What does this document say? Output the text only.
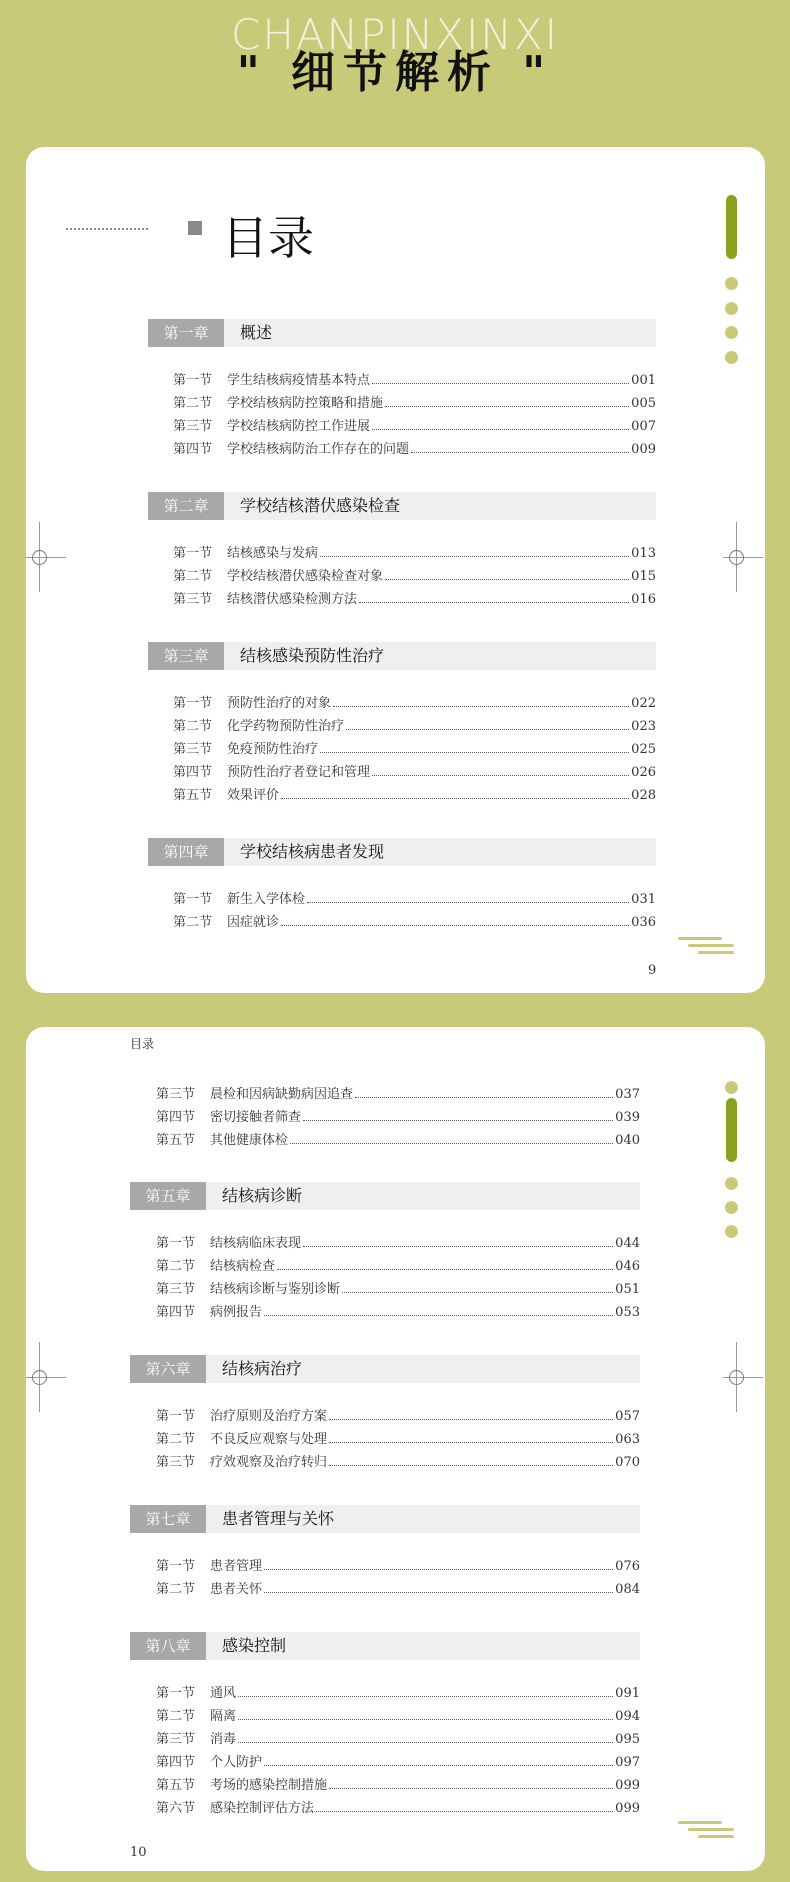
CHANPINXINXI
" 细节解析 "
目录
第一章	概述
第一节	学生结核病疫情基本特点	001
第二节	学校结核病防控策略和措施	005
第三节	学校结核病防控工作进展	007
第四节	学校结核病防治工作存在的问题	009
第二章	学校结核潜伏感染检查
第一节	结核感染与发病	013
第二节	学校结核潜伏感染检查对象	015
第三节	结核潜伏感染检测方法	016
第三章	结核感染预防性治疗
第一节	预防性治疗的对象	022
第二节	化学药物预防性治疗	023
第三节	免疫预防性治疗	025
第四节	预防性治疗者登记和管理	026
第五节	效果评价	028
第四章	学校结核病患者发现
第一节	新生入学体检	031
第二节	因症就诊	036
9
目录
第三节	晨检和因病缺勤病因追查	037
第四节	密切接触者筛查	039
第五节	其他健康体检	040
第五章	结核病诊断
第一节	结核病临床表现	044
第二节	结核病检查	046
第三节	结核病诊断与鉴别诊断	051
第四节	病例报告	053
第六章	结核病治疗
第一节	治疗原则及治疗方案	057
第二节	不良反应观察与处理	063
第三节	疗效观察及治疗转归	070
第七章	患者管理与关怀
第一节	患者管理	076
第二节	患者关怀	084
第八章	感染控制
第一节	通风	091
第二节	隔离	094
第三节	消毒	095
第四节	个人防护	097
第五节	考场的感染控制措施	099
第六节	感染控制评估方法	099
10
